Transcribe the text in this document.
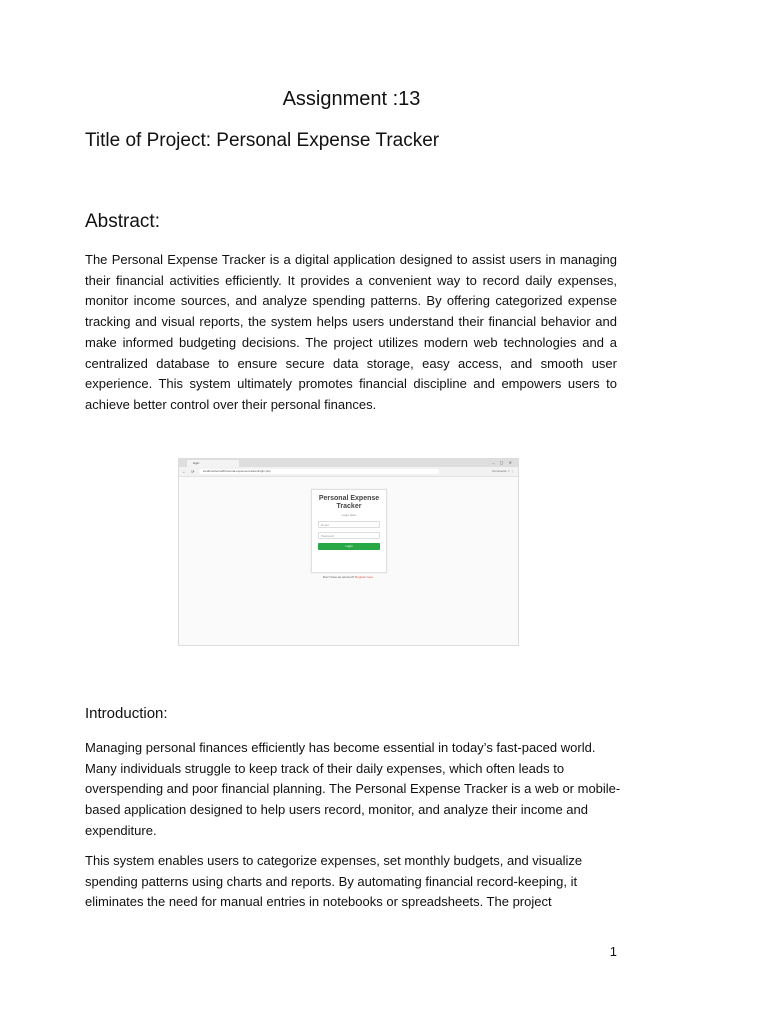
Assignment :13
Title of Project: Personal Expense Tracker
Abstract:

The Personal Expense Tracker is a digital application designed to assist users in managing their financial activities efficiently. It provides a convenient way to record daily expenses, monitor income sources, and analyze spending patterns. By offering categorized expense tracking and visual reports, the system helps users understand their financial behavior and make informed budgeting decisions. The project utilizes modern web technologies and a centralized database to ensure secure data storage, easy access, and smooth user experience. This system ultimately promotes financial discipline and empowers users to achieve better control over their personal finances.

login	– ▢ ✕
← ⟳	localhost/sccal/Personal-expense-tracker/login.php	Comments ☆ ⋮
Personal Expense Tracker
Login Here
Email
Password
Login
Don't have an account? Register here
Introduction:

Managing personal finances efficiently has become essential in today’s fast-paced world. Many individuals struggle to keep track of their daily expenses, which often leads to overspending and poor financial planning. The Personal Expense Tracker is a web or mobile-based application designed to help users record, monitor, and analyze their income and expenditure.

This system enables users to categorize expenses, set monthly budgets, and visualize spending patterns using charts and reports. By automating financial record-keeping, it eliminates the need for manual entries in notebooks or spreadsheets. The project

1
